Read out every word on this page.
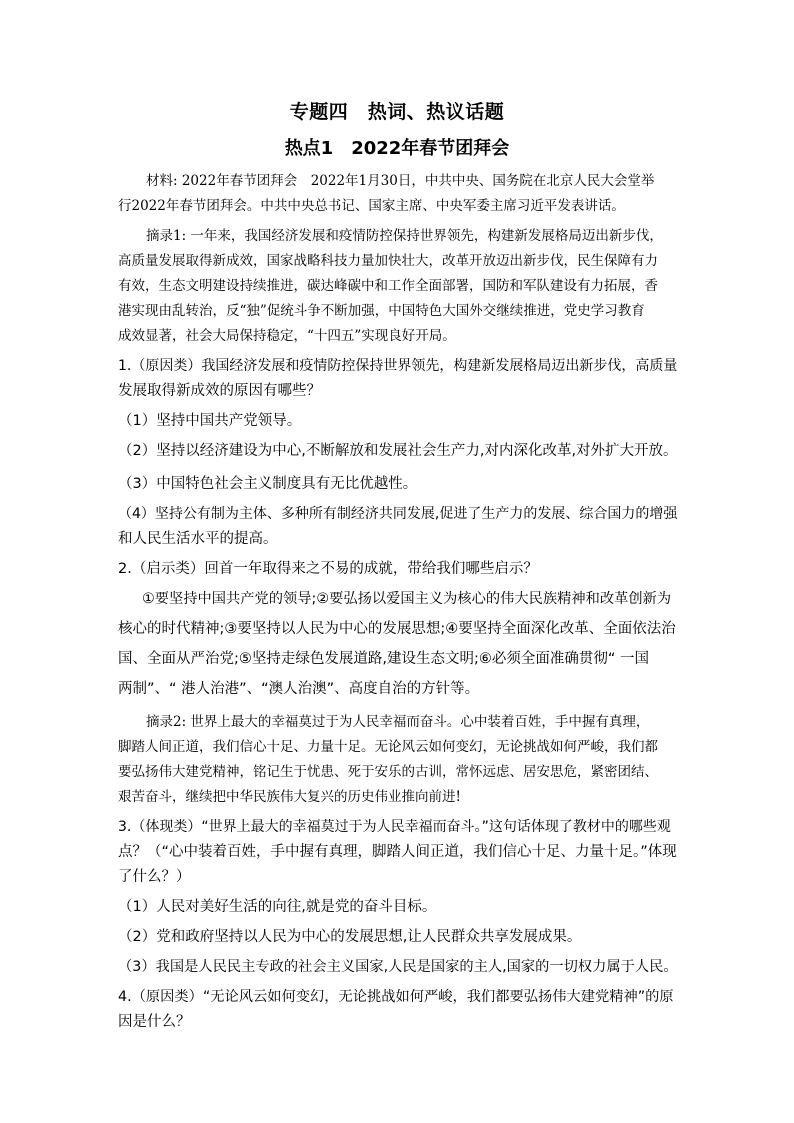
专题四　热词、热议话题
热点1　2022年春节团拜会
材料: 2022年春节团拜会　2022年1月30日，中共中央、国务院在北京人民大会堂举
行2022年春节团拜会。中共中央总书记、国家主席、中央军委主席习近平发表讲话。
摘录1: 一年来，我国经济发展和疫情防控保持世界领先，构建新发展格局迈出新步伐，
高质量发展取得新成效，国家战略科技力量加快壮大，改革开放迈出新步伐，民生保障有力
有效，生态文明建设持续推进，碳达峰碳中和工作全面部署，国防和军队建设有力拓展，香
港实现由乱转治，反“独”促统斗争不断加强，中国特色大国外交继续推进，党史学习教育
成效显著，社会大局保持稳定，“十四五”实现良好开局。
1.（原因类）我国经济发展和疫情防控保持世界领先，构建新发展格局迈出新步伐，高质量
发展取得新成效的原因有哪些？
（1）坚持中国共产党领导。
（2）坚持以经济建设为中心,不断解放和发展社会生产力,对内深化改革,对外扩大开放。
（3）中国特色社会主义制度具有无比优越性。
（4）坚持公有制为主体、多种所有制经济共同发展,促进了生产力的发展、综合国力的增强
和人民生活水平的提高。
2.（启示类）回首一年取得来之不易的成就，带给我们哪些启示？
①要坚持中国共产党的领导;②要弘扬以爱国主义为核心的伟大民族精神和改革创新为
核心的时代精神;③要坚持以人民为中心的发展思想;④要坚持全面深化改革、全面依法治
国、全面从严治党;⑤坚持走绿色发展道路,建设生态文明;⑥必须全面准确贯彻“ 一国
两制”、“ 港人治港”、“澳人治澳”、高度自治的方针等。
摘录2: 世界上最大的幸福莫过于为人民幸福而奋斗。心中装着百姓，手中握有真理，
脚踏人间正道，我们信心十足、力量十足。无论风云如何变幻，无论挑战如何严峻，我们都
要弘扬伟大建党精神，铭记生于忧患、死于安乐的古训，常怀远虑、居安思危，紧密团结、
艰苦奋斗，继续把中华民族伟大复兴的历史伟业推向前进!
3.（体现类）“世界上最大的幸福莫过于为人民幸福而奋斗。”这句话体现了教材中的哪些观
点？（“心中装着百姓，手中握有真理，脚踏人间正道，我们信心十足、力量十足。”体现
了什么？）
（1）人民对美好生活的向往,就是党的奋斗目标。
（2）党和政府坚持以人民为中心的发展思想,让人民群众共享发展成果。
（3）我国是人民民主专政的社会主义国家,人民是国家的主人,国家的一切权力属于人民。
4.（原因类）“无论风云如何变幻，无论挑战如何严峻，我们都要弘扬伟大建党精神”的原
因是什么？
